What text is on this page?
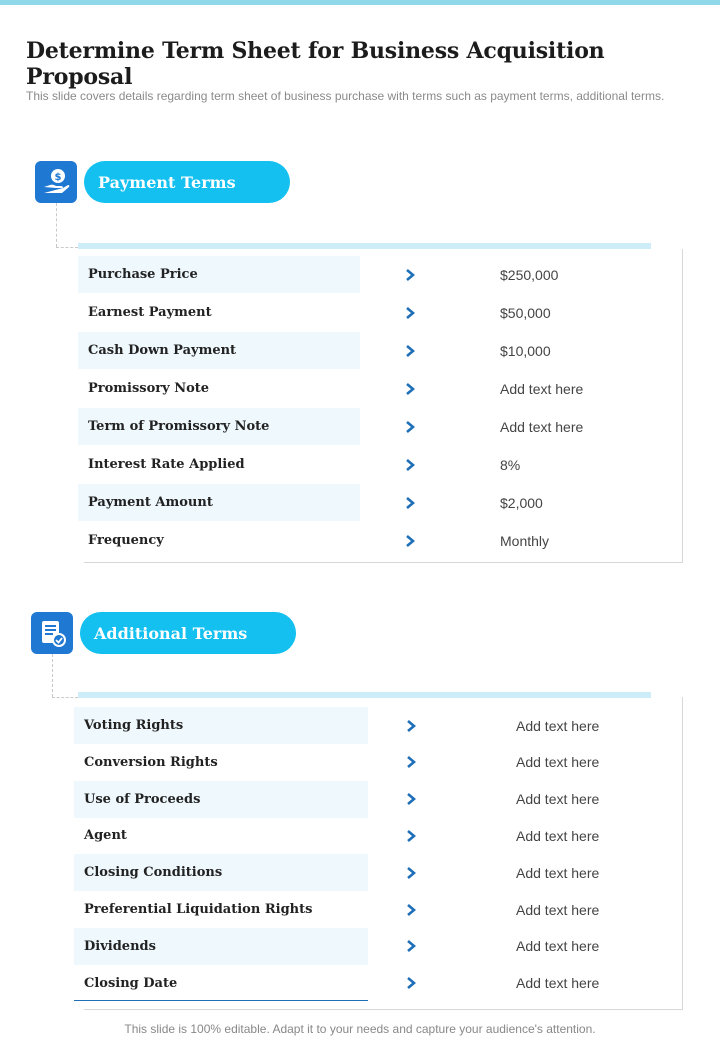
Determine Term Sheet for Business Acquisition Proposal
This slide covers details regarding term sheet of business purchase with terms such as payment terms, additional terms.
$	Payment Terms
Purchase Price	$250,000
Earnest Payment	$50,000
Cash Down Payment	$10,000
Promissory Note	Add text here
Term of Promissory Note	Add text here
Interest Rate Applied	8%
Payment Amount	$2,000
Frequency	Monthly
Additional Terms
Voting Rights	Add text here
Conversion Rights	Add text here
Use of Proceeds	Add text here
Agent	Add text here
Closing Conditions	Add text here
Preferential Liquidation Rights	Add text here
Dividends	Add text here
Closing Date	Add text here
This slide is 100% editable. Adapt it to your needs and capture your audience's attention.
